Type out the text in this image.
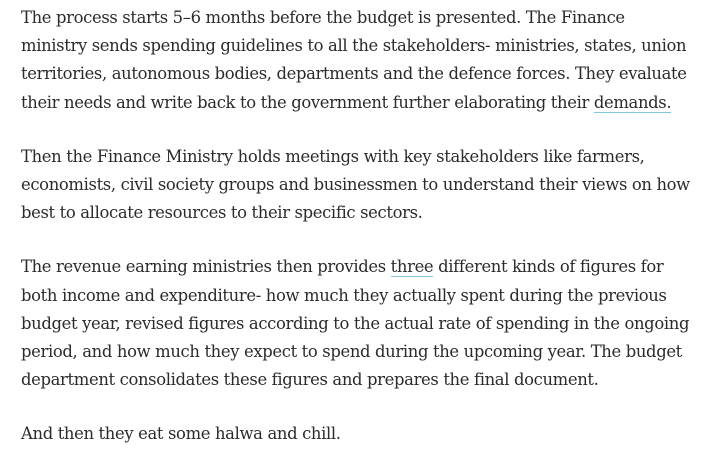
The process starts 5–6 months before the budget is presented. The Finance ministry sends spending guidelines to all the stakeholders- ministries, states, union territories, autonomous bodies, departments and the defence forces. They evaluate their needs and write back to the government further elaborating their demands.

Then the Finance Ministry holds meetings with key stakeholders like farmers, economists, civil society groups and businessmen to understand their views on how best to allocate resources to their specific sectors.

The revenue earning ministries then provides three different kinds of figures for both income and expenditure- how much they actually spent during the previous budget year, revised figures according to the actual rate of spending in the ongoing period, and how much they expect to spend during the upcoming year. The budget department consolidates these figures and prepares the final document.

And then they eat some halwa and chill.
